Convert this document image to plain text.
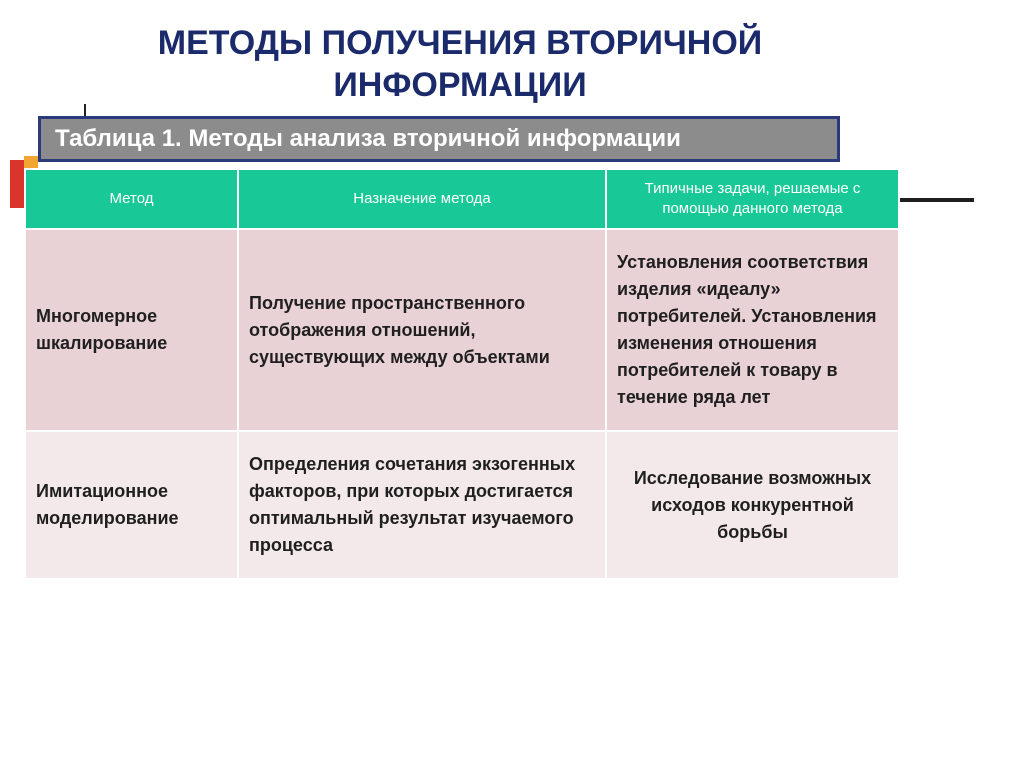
МЕТОДЫ ПОЛУЧЕНИЯ ВТОРИЧНОЙ
ИНФОРМАЦИИ
Таблица 1. Методы анализа вторичной информации
Метод	Назначение метода	Типичные задачи, решаемые с помощью данного метода
Многомерное шкалирование	Получение пространственного отображения отношений, существующих между объектами	Установления соответствия изделия «идеалу» потребителей. Установления изменения отношения потребителей к товару в течение ряда лет
Имитационное моделирование	Определения сочетания экзогенных факторов, при которых достигается оптимальный результат изучаемого процесса	Исследование возможных исходов конкурентной борьбы
